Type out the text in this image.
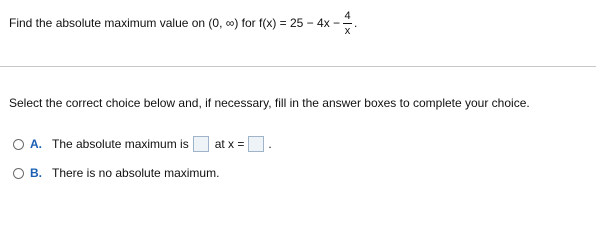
Find the absolute maximum value on (0, ∞) for $f(x) = 25 - 4x - \frac{4}{x}$ .
Select the correct choice below and, if necessary, fill in the answer boxes to complete your choice.
A. The absolute maximum is at x = .
B. There is no absolute maximum.
